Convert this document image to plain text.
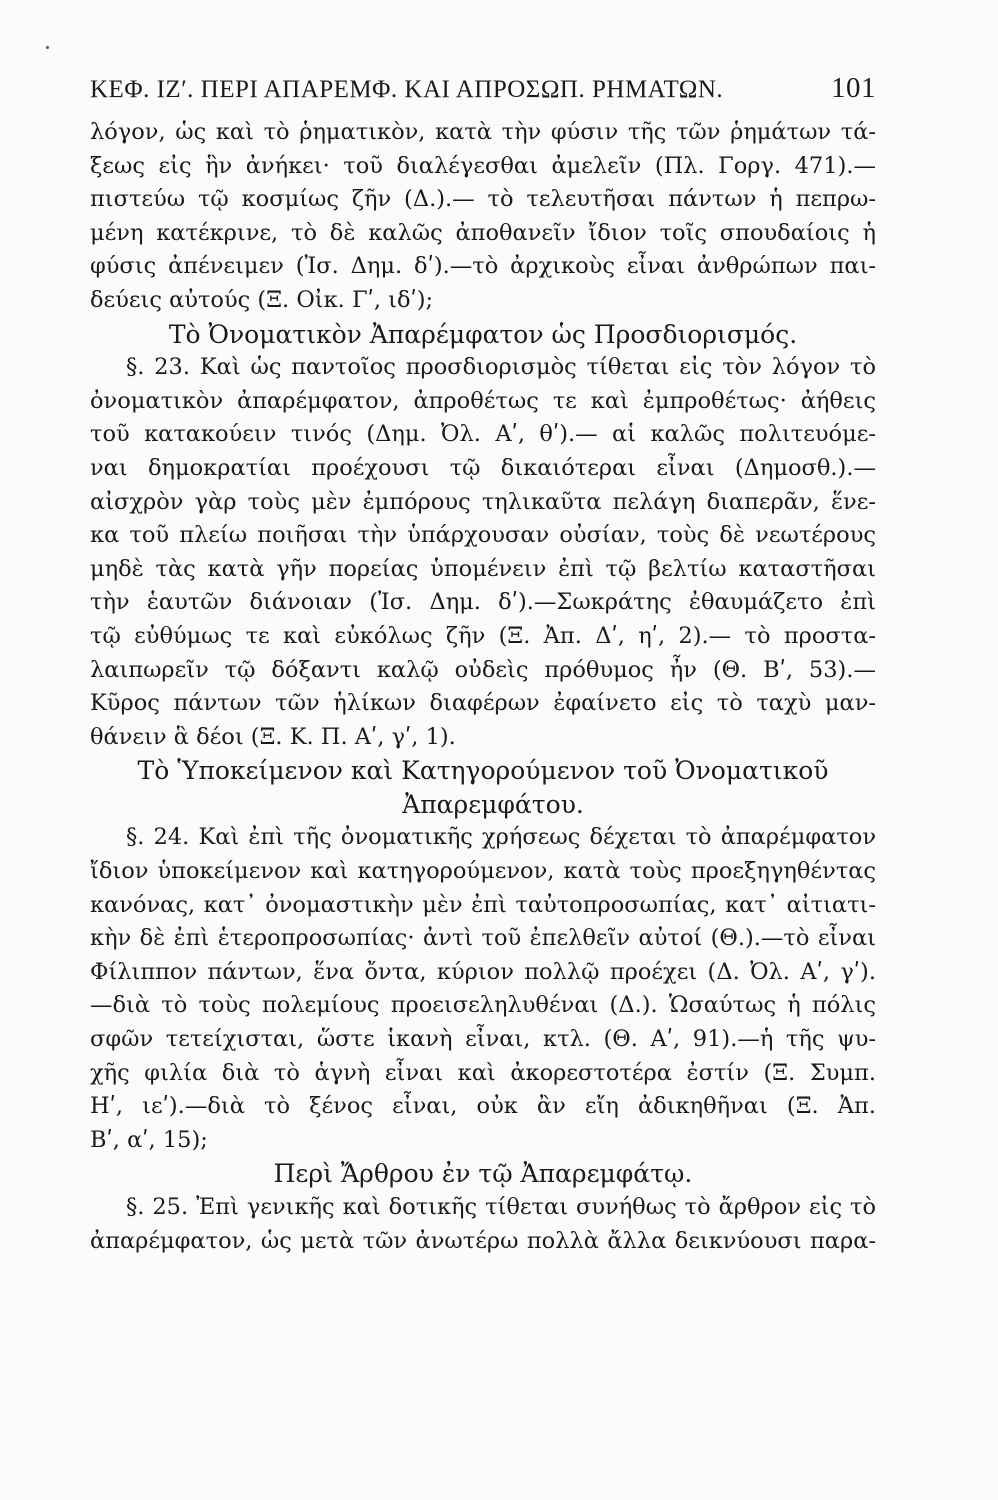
ΚΕΦ. ΙΖʹ. ΠΕΡΙ ΑΠΑΡΕΜΦ. ΚΑΙ ΑΠΡΟΣΩΠ. ΡΗΜΑΤΩΝ.	101
λόγον, ὡς καὶ τὸ ῥηματικὸν, κατὰ τὴν φύσιν τῆς τῶν ῥημάτων τά-
ξεως εἰς ἣν ἀνήκει· τοῦ διαλέγεσθαι ἀμελεῖν (Πλ. Γοργ. 471).—
πιστεύω τῷ κοσμίως ζῆν (Δ.).— τὸ τελευτῆσαι πάντων ἡ πεπρω-
μένη κατέκρινε, τὸ δὲ καλῶς ἀποθανεῖν ἴδιον τοῖς σπουδαίοις ἡ
φύσις ἀπένειμεν (Ἰσ. Δημ. δʹ).—τὸ ἀρχικοὺς εἶναι ἀνθρώπων παι-
δεύεις αὐτούς (Ξ. Οἰκ. Γʹ, ιδʹ);
Τὸ Ὀνοματικὸν Ἀπαρέμφατον ὡς Προσδιορισμός.
§. 23. Καὶ ὡς παντοῖος προσδιορισμὸς τίθεται εἰς τὸν λόγον τὸ
ὀνοματικὸν ἀπαρέμφατον, ἀπροθέτως τε καὶ ἐμπροθέτως· ἀήθεις
τοῦ κατακούειν τινός (Δημ. Ὀλ. Αʹ, θʹ).— αἱ καλῶς πολιτευόμε-
ναι δημοκρατίαι προέχουσι τῷ δικαιότεραι εἶναι (Δημοσθ.).—
αἰσχρὸν γὰρ τοὺς μὲν ἐμπόρους τηλικαῦτα πελάγη διαπερᾶν, ἕνε-
κα τοῦ πλείω ποιῆσαι τὴν ὑπάρχουσαν οὐσίαν, τοὺς δὲ νεωτέρους
μηδὲ τὰς κατὰ γῆν πορείας ὑπομένειν ἐπὶ τῷ βελτίω καταστῆσαι
τὴν ἑαυτῶν διάνοιαν (Ἰσ. Δημ. δʹ).—Σωκράτης ἐθαυμάζετο ἐπὶ
τῷ εὐθύμως τε καὶ εὐκόλως ζῆν (Ξ. Ἀπ. Δʹ, ηʹ, 2).— τὸ προστα-
λαιπωρεῖν τῷ δόξαντι καλῷ οὐδεὶς πρόθυμος ἦν (Θ. Βʹ, 53).—
Κῦρος πάντων τῶν ἡλίκων διαφέρων ἐφαίνετο εἰς τὸ ταχὺ μαν-
θάνειν ἃ δέοι (Ξ. Κ. Π. Αʹ, γʹ, 1).
Τὸ Ὑποκείμενον καὶ Κατηγορούμενον τοῦ Ὀνοματικοῦ
Ἀπαρεμφάτου.
§. 24. Καὶ ἐπὶ τῆς ὀνοματικῆς χρήσεως δέχεται τὸ ἀπαρέμφατον
ἴδιον ὑποκείμενον καὶ κατηγορούμενον, κατὰ τοὺς προεξηγηθέντας
κανόνας, κατ᾽ ὀνομαστικὴν μὲν ἐπὶ ταὐτοπροσωπίας, κατ᾽ αἰτιατι-
κὴν δὲ ἐπὶ ἑτεροπροσωπίας· ἀντὶ τοῦ ἐπελθεῖν αὐτοί (Θ.).—τὸ εἶναι
Φίλιππον πάντων, ἕνα ὄντα, κύριον πολλῷ προέχει (Δ. Ὀλ. Αʹ, γʹ).
—διὰ τὸ τοὺς πολεμίους προεισεληλυθέναι (Δ.). Ὡσαύτως ἡ πόλις
σφῶν τετείχισται, ὥστε ἱκανὴ εἶναι, κτλ. (Θ. Αʹ, 91).—ἡ τῆς ψυ-
χῆς φιλία διὰ τὸ ἁγνὴ εἶναι καὶ ἀκορεστοτέρα ἐστίν (Ξ. Συμπ.
Ηʹ, ιεʹ).—διὰ τὸ ξένος εἶναι, οὐκ ἂν εἴη ἀδικηθῆναι (Ξ. Ἀπ.
Βʹ, αʹ, 15);
Περὶ Ἄρθρου ἐν τῷ Ἀπαρεμφάτῳ.
§. 25. Ἐπὶ γενικῆς καὶ δοτικῆς τίθεται συνήθως τὸ ἄρθρον εἰς τὸ
ἀπαρέμφατον, ὡς μετὰ τῶν ἀνωτέρω πολλὰ ἄλλα δεικνύουσι παρα-
